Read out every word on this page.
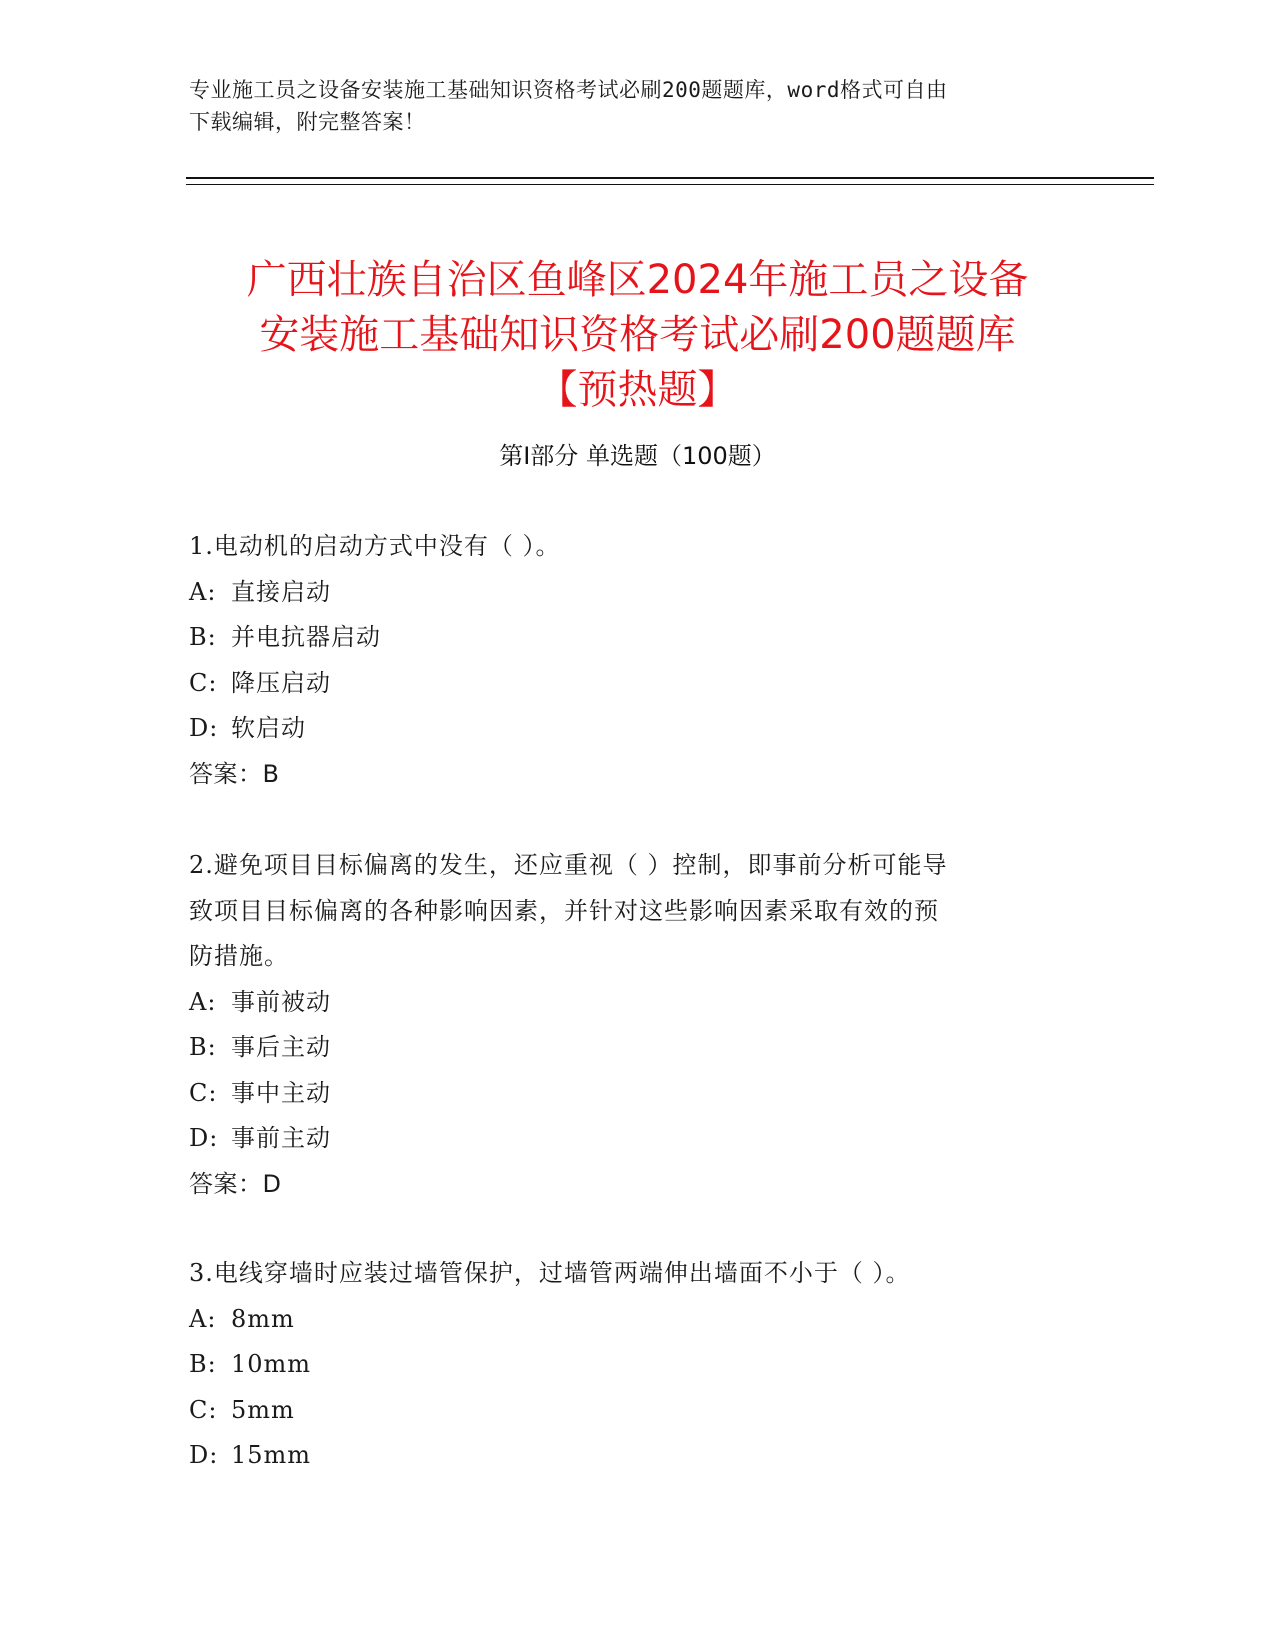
专业施工员之设备安装施工基础知识资格考试必刷200题题库，word格式可自由
下载编辑，附完整答案！
广西壮族自治区鱼峰区2024年施工员之设备
安装施工基础知识资格考试必刷200题题库
【预热题】
第Ⅰ部分 单选题（100题）
1.电动机的启动方式中没有（ ）。
A: 直接启动
B: 并电抗器启动
C: 降压启动
D: 软启动
答案：B
2.避免项目目标偏离的发生，还应重视（ ）控制，即事前分析可能导
致项目目标偏离的各种影响因素，并针对这些影响因素采取有效的预
防措施。
A: 事前被动
B: 事后主动
C: 事中主动
D: 事前主动
答案：D
3.电线穿墙时应装过墙管保护，过墙管两端伸出墙面不小于（ ）。
A: 8mm
B: 10mm
C: 5mm
D: 15mm
